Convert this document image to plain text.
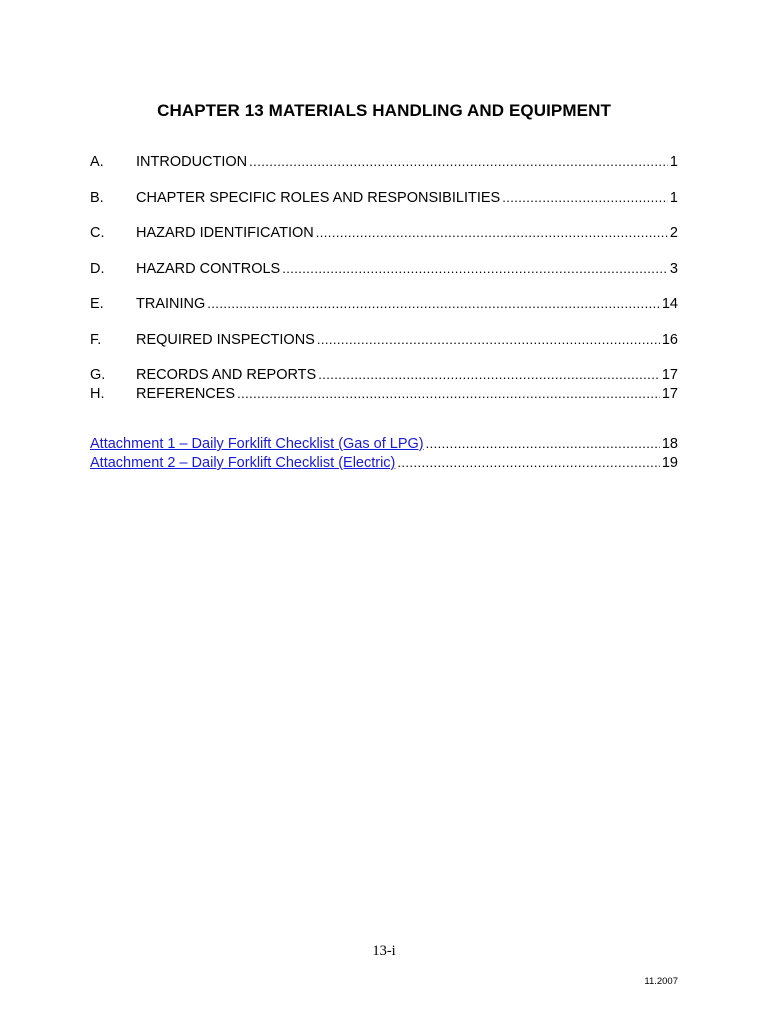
CHAPTER 13 MATERIALS HANDLING AND EQUIPMENT
A.	INTRODUCTION .....	1
B.	CHAPTER SPECIFIC ROLES AND RESPONSIBILITIES .....	1
C.	HAZARD IDENTIFICATION .....	2
D.	HAZARD CONTROLS .....	3
E.	TRAINING .....	14
F.	REQUIRED INSPECTIONS .....	16
G.	RECORDS AND REPORTS .....	17
H.	REFERENCES .....	17
Attachment 1 – Daily Forklift Checklist (Gas of LPG) .....	18
Attachment 2 – Daily Forklift Checklist (Electric) .....	19
13-i
11.2007
